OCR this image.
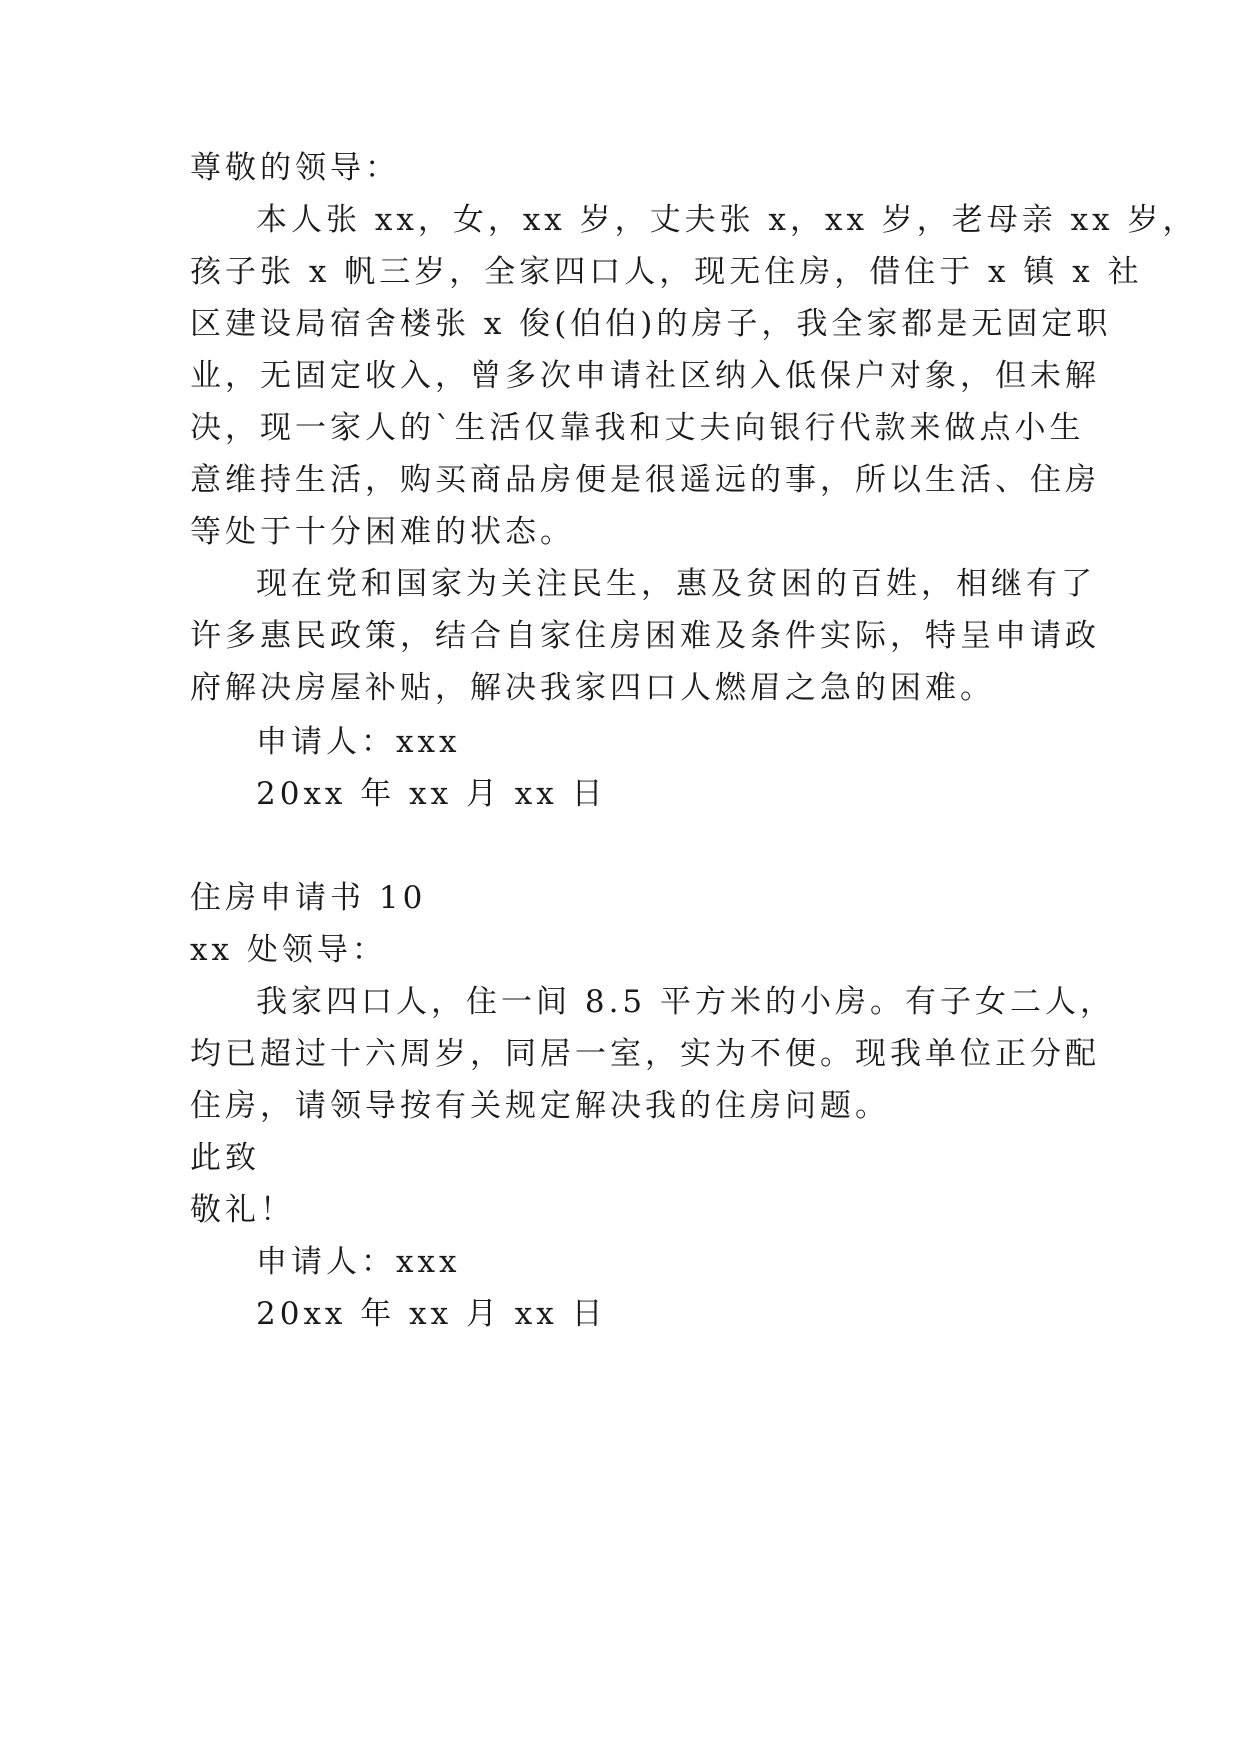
尊敬的领导：
本人张 xx，女，xx 岁，丈夫张 x，xx 岁，老母亲 xx 岁，
孩子张 x 帆三岁，全家四口人，现无住房，借住于 x 镇 x 社
区建设局宿舍楼张 x 俊(伯伯)的房子，我全家都是无固定职
业，无固定收入，曾多次申请社区纳入低保户对象，但未解
决，现一家人的`生活仅靠我和丈夫向银行代款来做点小生
意维持生活，购买商品房便是很遥远的事，所以生活、住房
等处于十分困难的状态。
现在党和国家为关注民生，惠及贫困的百姓，相继有了
许多惠民政策，结合自家住房困难及条件实际，特呈申请政
府解决房屋补贴，解决我家四口人燃眉之急的困难。
申请人：xxx
20xx 年 xx 月 xx 日
住房申请书 10
xx 处领导：
我家四口人，住一间 8.5 平方米的小房。有子女二人，
均已超过十六周岁，同居一室，实为不便。现我单位正分配
住房，请领导按有关规定解决我的住房问题。
此致
敬礼！
申请人：xxx
20xx 年 xx 月 xx 日
